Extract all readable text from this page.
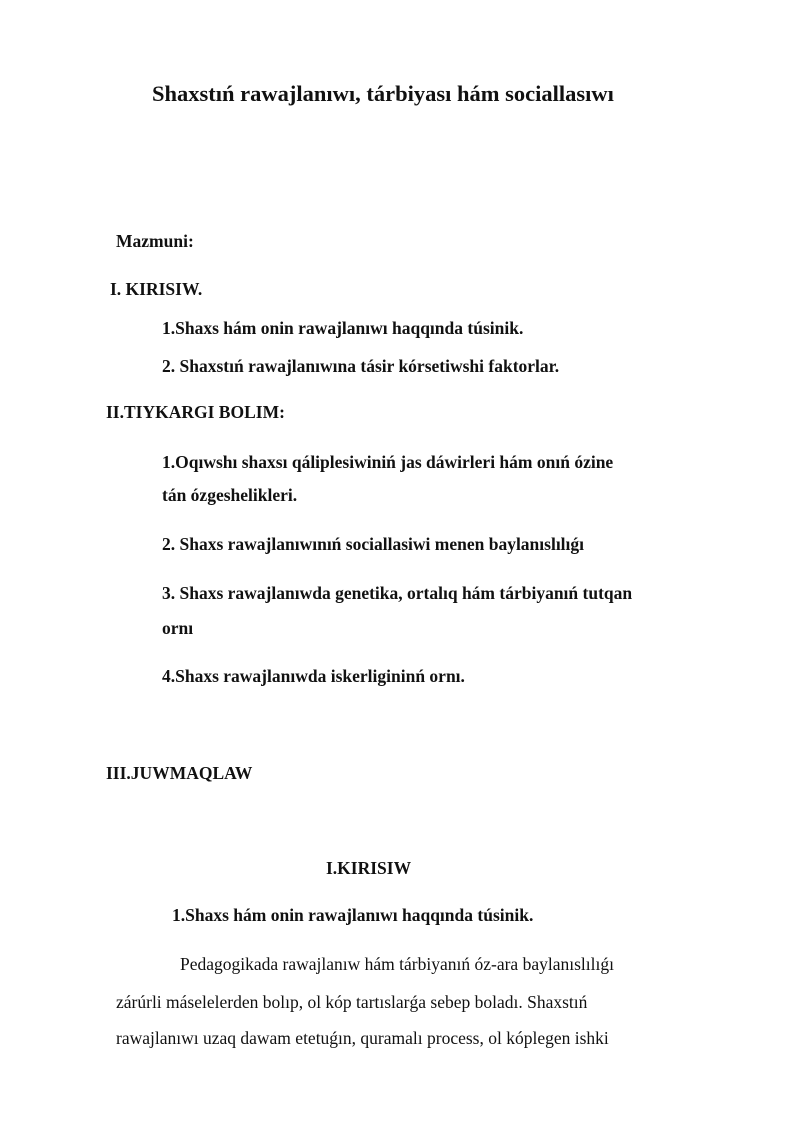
Shaxstıń rawajlanıwı, tárbiyası hám sociallasıwı
Mazmuni:
I. KIRISIW.
1.Shaxs hám onin rawajlanıwı haqqında túsinik.
2. Shaxstıń rawajlanıwına tásir kórsetiwshi faktorlar.
II.TIYKARGI BOLIM:
1.Oqıwshı shaxsı qáliplesiwiniń jas dáwirleri hám onıń ózine
tán ózgeshelikleri.
2. Shaxs rawajlanıwınıń sociallasiwi menen baylanıslılıǵı
3. Shaxs rawajlanıwda genetika, ortalıq hám tárbiyanıń tutqan
ornı
4.Shaxs rawajlanıwda iskerligininń ornı.
III.JUWMAQLAW
I.KIRISIW
1.Shaxs hám onin rawajlanıwı haqqında túsinik.
Pedagogikada rawajlanıw hám tárbiyanıń óz-ara baylanıslılıǵı
zárúrli máselelerden bolıp, ol kóp tartıslarǵa sebep boladı. Shaxstıń
rawajlanıwı uzaq dawam etetuǵın, quramalı process, ol kóplegen ishki
